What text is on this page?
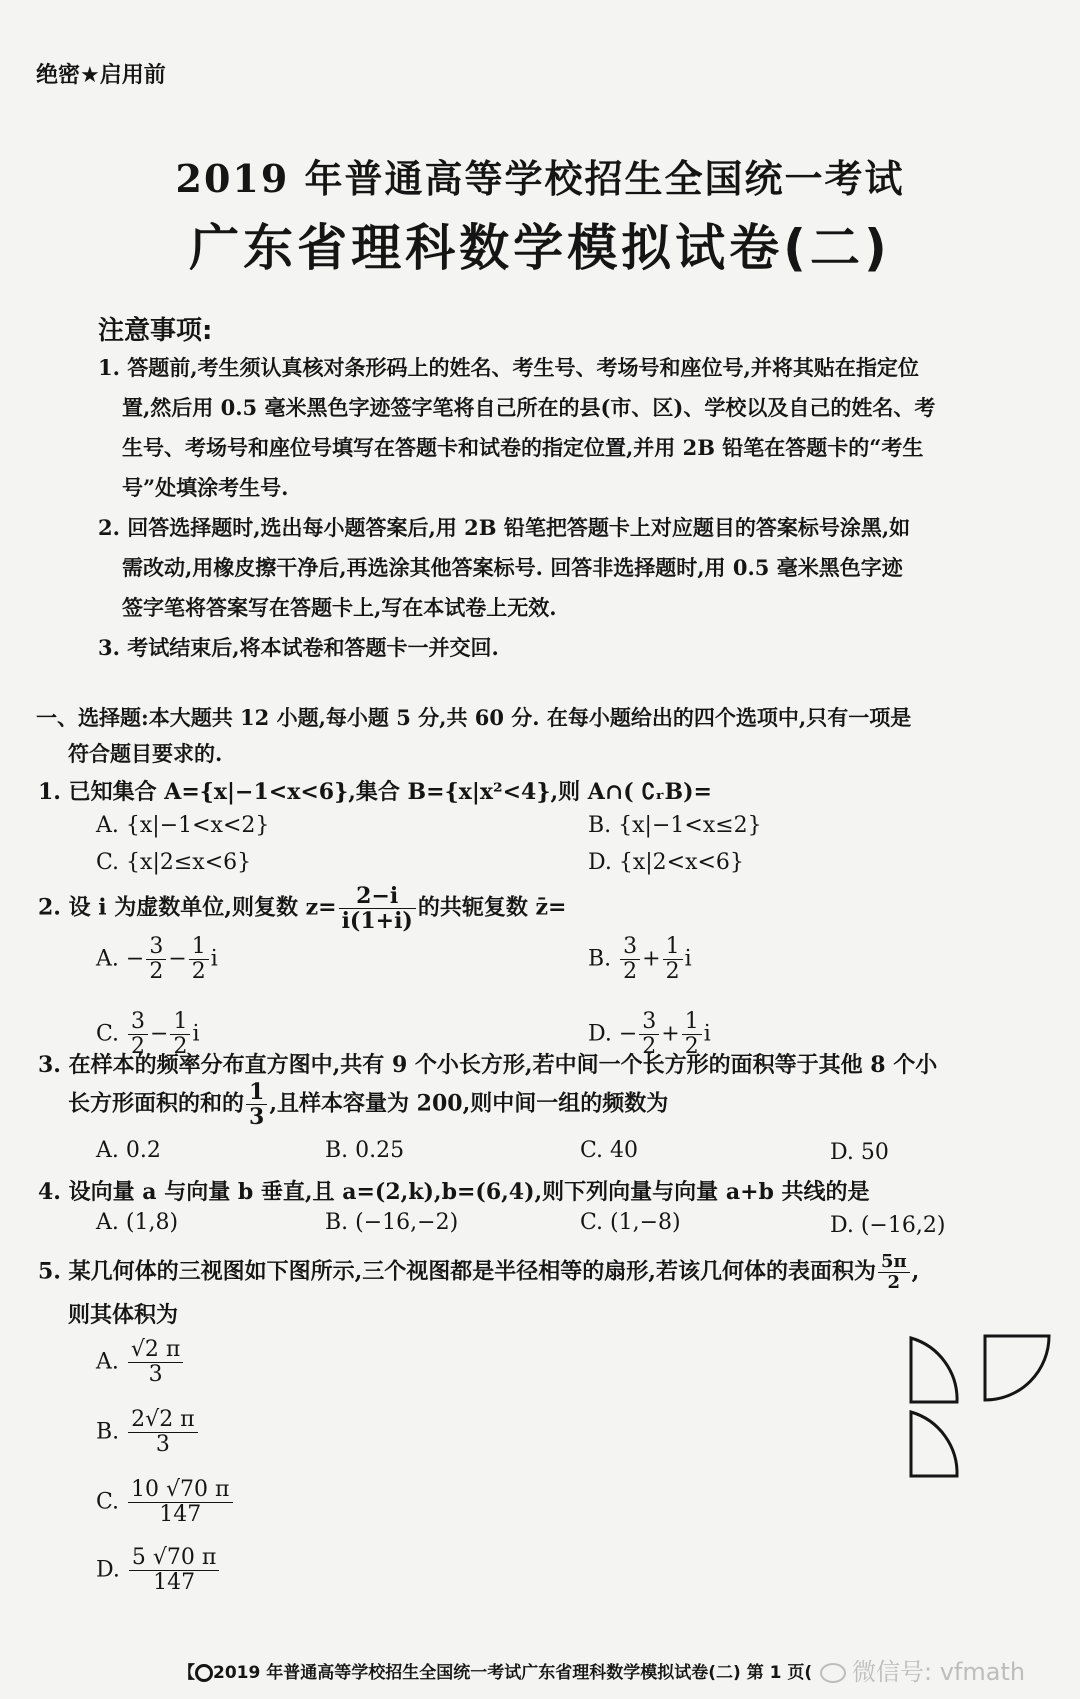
绝密★启用前
2019 年普通高等学校招生全国统一考试
广东省理科数学模拟试卷(二)
注意事项:
1. 答题前,考生须认真核对条形码上的姓名、考生号、考场号和座位号,并将其贴在指定位
置,然后用 0.5 毫米黑色字迹签字笔将自己所在的县(市、区)、学校以及自己的姓名、考
生号、考场号和座位号填写在答题卡和试卷的指定位置,并用 2B 铅笔在答题卡的“考生
号”处填涂考生号.
2. 回答选择题时,选出每小题答案后,用 2B 铅笔把答题卡上对应题目的答案标号涂黑,如
需改动,用橡皮擦干净后,再选涂其他答案标号. 回答非选择题时,用 0.5 毫米黑色字迹
签字笔将答案写在答题卡上,写在本试卷上无效.
3. 考试结束后,将本试卷和答题卡一并交回.
一、选择题:本大题共 12 小题,每小题 5 分,共 60 分. 在每小题给出的四个选项中,只有一项是
符合题目要求的.
1. 已知集合 A={x|−1<x<6},集合 B={x|x²<4},则 A∩( ∁ᵣB)=
A. {x|−1<x<2}	B. {x|−1<x≤2}
C. {x|2≤x<6}	D. {x|2<x<6}
2. 设 i 为虚数单位,则复数 $z= \frac{2-i}{i(1+i)}$ 的共轭复数 z̄=
A. − $\frac{3}{2} - \frac{1}{2}$ i	B. $\frac{3}{2} + \frac{1}{2}$ i
C. $\frac{3}{2} - \frac{1}{2}$ i	D. − $\frac{3}{2} + \frac{1}{2}$ i
3. 在样本的频率分布直方图中,共有 9 个小长方形,若中间一个长方形的面积等于其他 8 个小
长方形面积的和的 $\frac{1}{3}$ ,且样本容量为 200,则中间一组的频数为
A. 0.2	B. 0.25	C. 40	D. 50
4. 设向量 a 与向量 b 垂直,且 a=(2,k),b=(6,4),则下列向量与向量 a+b 共线的是
A. (1,8)	B. (−16,−2)	C. (1,−8)	D. (−16,2)
5. 某几何体的三视图如下图所示,三个视图都是半径相等的扇形,若该几何体的表面积为 $\frac{5\pi}{2}$ ,
则其体积为
A. $\frac{√2 \pi}{3}$
B. $\frac{2√2 \pi}{3}$
C. $\frac{10 √70 \pi}{147}$
D. $\frac{5 √70 \pi}{147}$
【 2019 年普通高等学校招生全国统一考试广东省理科数学模拟试卷(二) 第 1 页(	微信号: vfmath
